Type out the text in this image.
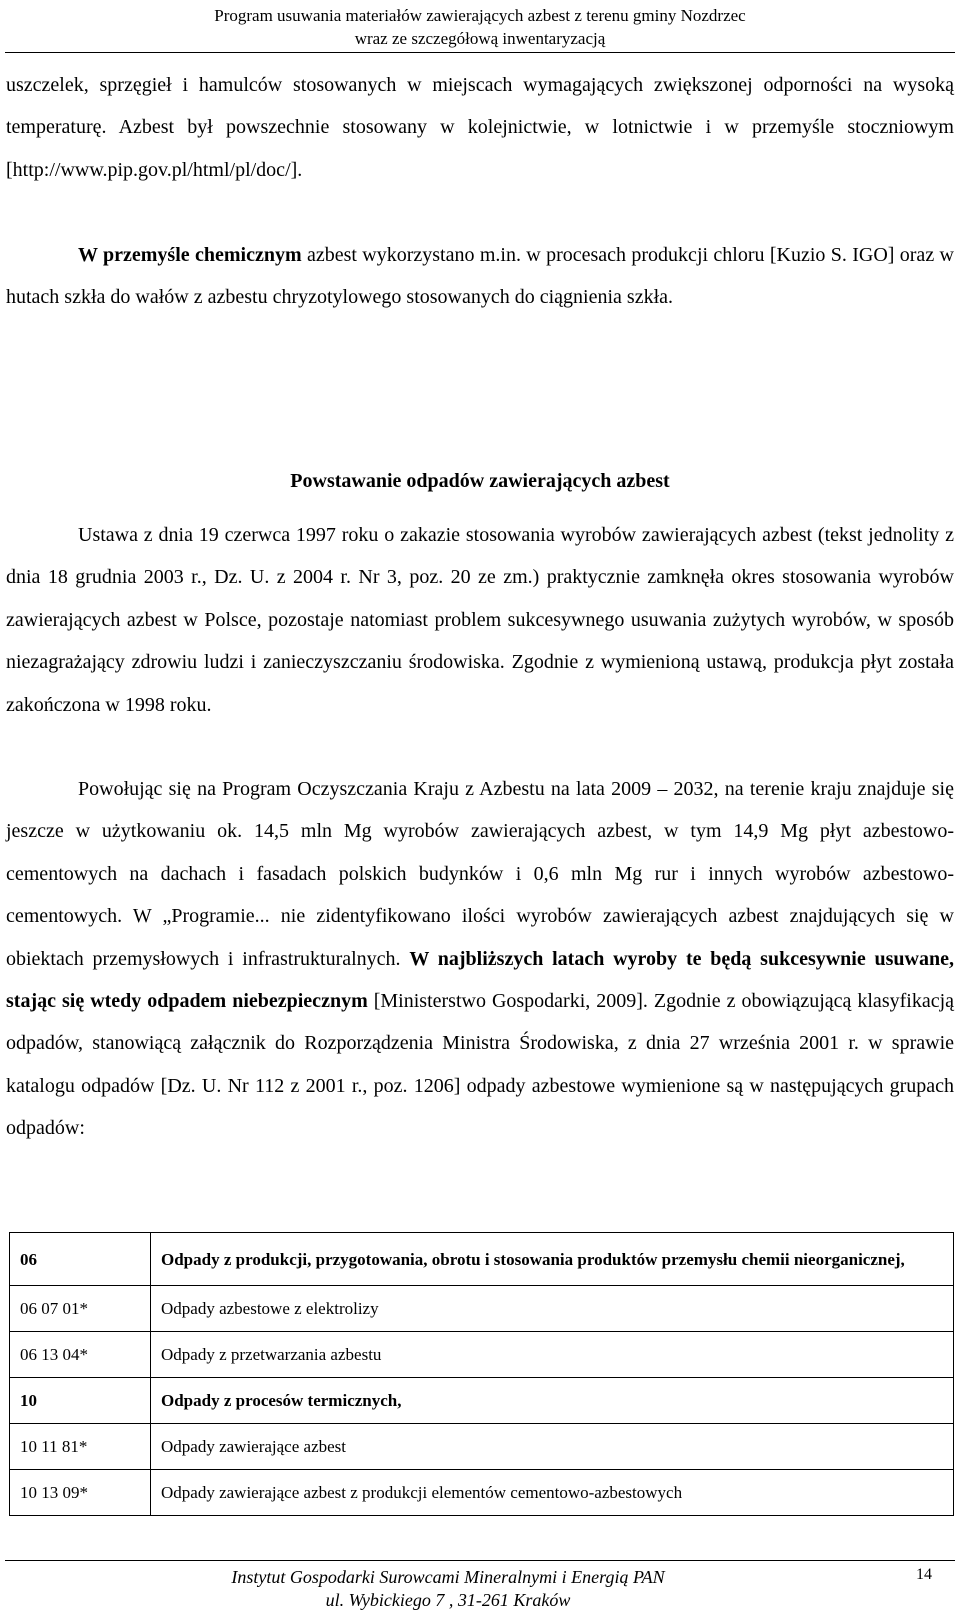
Program usuwania materiałów zawierających azbest z terenu gminy Nozdrzec
wraz ze szczegółową inwentaryzacją

uszczelek, sprzęgieł i hamulców stosowanych w miejscach wymagających zwiększonej odporności na wysoką temperaturę. Azbest był powszechnie stosowany w kolejnictwie, w lotnictwie i w przemyśle stoczniowym [http://www.pip.gov.pl/html/pl/doc/].

W przemyśle chemicznym azbest wykorzystano m.in. w procesach produkcji chloru [Kuzio S. IGO] oraz w hutach szkła do wałów z azbestu chryzotylowego stosowanych do ciągnienia szkła.

Powstawanie odpadów zawierających azbest

Ustawa z dnia 19 czerwca 1997 roku o zakazie stosowania wyrobów zawierających azbest (tekst jednolity z dnia 18 grudnia 2003 r., Dz. U. z 2004 r. Nr 3, poz. 20 ze zm.) praktycznie zamknęła okres stosowania wyrobów zawierających azbest w Polsce, pozostaje natomiast problem sukcesywnego usuwania zużytych wyrobów, w sposób niezagrażający zdrowiu ludzi i zanieczyszczaniu środowiska. Zgodnie z wymienioną ustawą, produkcja płyt została zakończona w 1998 roku.

Powołując się na Program Oczyszczania Kraju z Azbestu na lata 2009 – 2032, na terenie kraju znajduje się jeszcze w użytkowaniu ok. 14,5 mln Mg wyrobów zawierających azbest, w tym 14,9 Mg płyt azbestowo-cementowych na dachach i fasadach polskich budynków i 0,6 mln Mg rur i innych wyrobów azbestowo-cementowych. W „Programie... nie zidentyfikowano ilości wyrobów zawierających azbest znajdujących się w obiektach przemysłowych i infrastrukturalnych. W najbliższych latach wyroby te będą sukcesywnie usuwane, stając się wtedy odpadem niebezpiecznym [Ministerstwo Gospodarki, 2009]. Zgodnie z obowiązującą klasyfikacją odpadów, stanowiącą załącznik do Rozporządzenia Ministra Środowiska, z dnia 27 września 2001 r. w sprawie katalogu odpadów [Dz. U. Nr 112 z 2001 r., poz. 1206] odpady azbestowe wymienione są w następujących grupach odpadów:

06	Odpady z produkcji, przygotowania, obrotu i stosowania produktów przemysłu chemii nieorganicznej,
06 07 01*	Odpady azbestowe z elektrolizy
06 13 04*	Odpady z przetwarzania azbestu
10	Odpady z procesów termicznych,
10 11 81*	Odpady zawierające azbest
10 13 09*	Odpady zawierające azbest z produkcji elementów cementowo-azbestowych
Instytut Gospodarki Surowcami Mineralnymi i Energią PAN
ul. Wybickiego 7 , 31-261 Kraków
14
